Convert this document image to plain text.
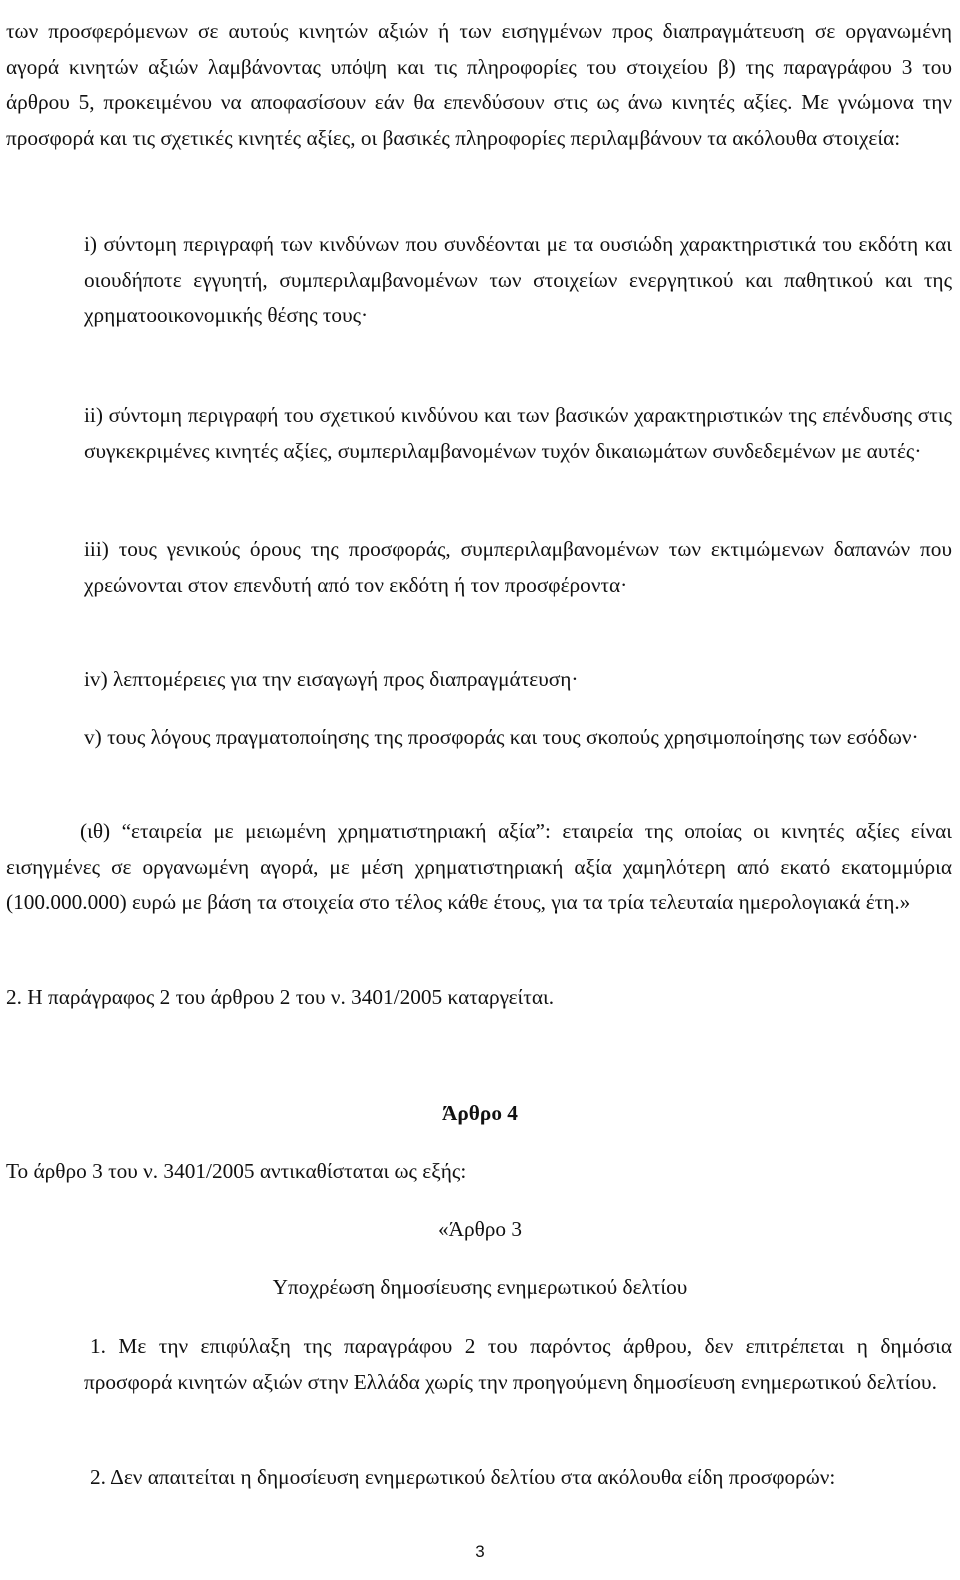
των προσφερόμενων σε αυτούς κινητών αξιών ή των εισηγμένων προς διαπραγμάτευση σε οργανωμένη αγορά κινητών αξιών λαμβάνοντας υπόψη και τις πληροφορίες του στοιχείου β) της παραγράφου 3 του άρθρου 5, προκειμένου να αποφασίσουν εάν θα επενδύσουν στις ως άνω κινητές αξίες. Με γνώμονα την προσφορά και τις σχετικές κινητές αξίες, οι βασικές πληροφορίες περιλαμβάνουν τα ακόλουθα στοιχεία:

i) σύντομη περιγραφή των κινδύνων που συνδέονται με τα ουσιώδη χαρακτηριστικά του εκδότη και οιουδήποτε εγγυητή, συμπεριλαμβανομένων των στοιχείων ενεργητικού και παθητικού και της χρηματοοικονομικής θέσης τους·

ii) σύντομη περιγραφή του σχετικού κινδύνου και των βασικών χαρακτηριστικών της επένδυσης στις συγκεκριμένες κινητές αξίες, συμπεριλαμβανομένων τυχόν δικαιωμάτων συνδεδεμένων με αυτές·

iii) τους γενικούς όρους της προσφοράς, συμπεριλαμβανομένων των εκτιμώμενων δαπανών που χρεώνονται στον επενδυτή από τον εκδότη ή τον προσφέροντα·

iv) λεπτομέρειες για την εισαγωγή προς διαπραγμάτευση·

v) τους λόγους πραγματοποίησης της προσφοράς και τους σκοπούς χρησιμοποίησης των εσόδων·

(ιθ) “εταιρεία με μειωμένη χρηματιστηριακή αξία”: εταιρεία της οποίας οι κινητές αξίες είναι εισηγμένες σε οργανωμένη αγορά, με μέση χρηματιστηριακή αξία χαμηλότερη από εκατό εκατομμύρια (100.000.000) ευρώ με βάση τα στοιχεία στο τέλος κάθε έτους, για τα τρία τελευταία ημερολογιακά έτη.»

2. Η παράγραφος 2 του άρθρου 2 του ν. 3401/2005 καταργείται.

Άρθρο 4

Το άρθρο 3 του ν. 3401/2005 αντικαθίσταται ως εξής:

«Άρθρο 3

Υποχρέωση δημοσίευσης ενημερωτικού δελτίου

1. Με την επιφύλαξη της παραγράφου 2 του παρόντος άρθρου, δεν επιτρέπεται η δημόσια προσφορά κινητών αξιών στην Ελλάδα χωρίς την προηγούμενη δημοσίευση ενημερωτικού δελτίου.

2. Δεν απαιτείται η δημοσίευση ενημερωτικού δελτίου στα ακόλουθα είδη προσφορών:

3
